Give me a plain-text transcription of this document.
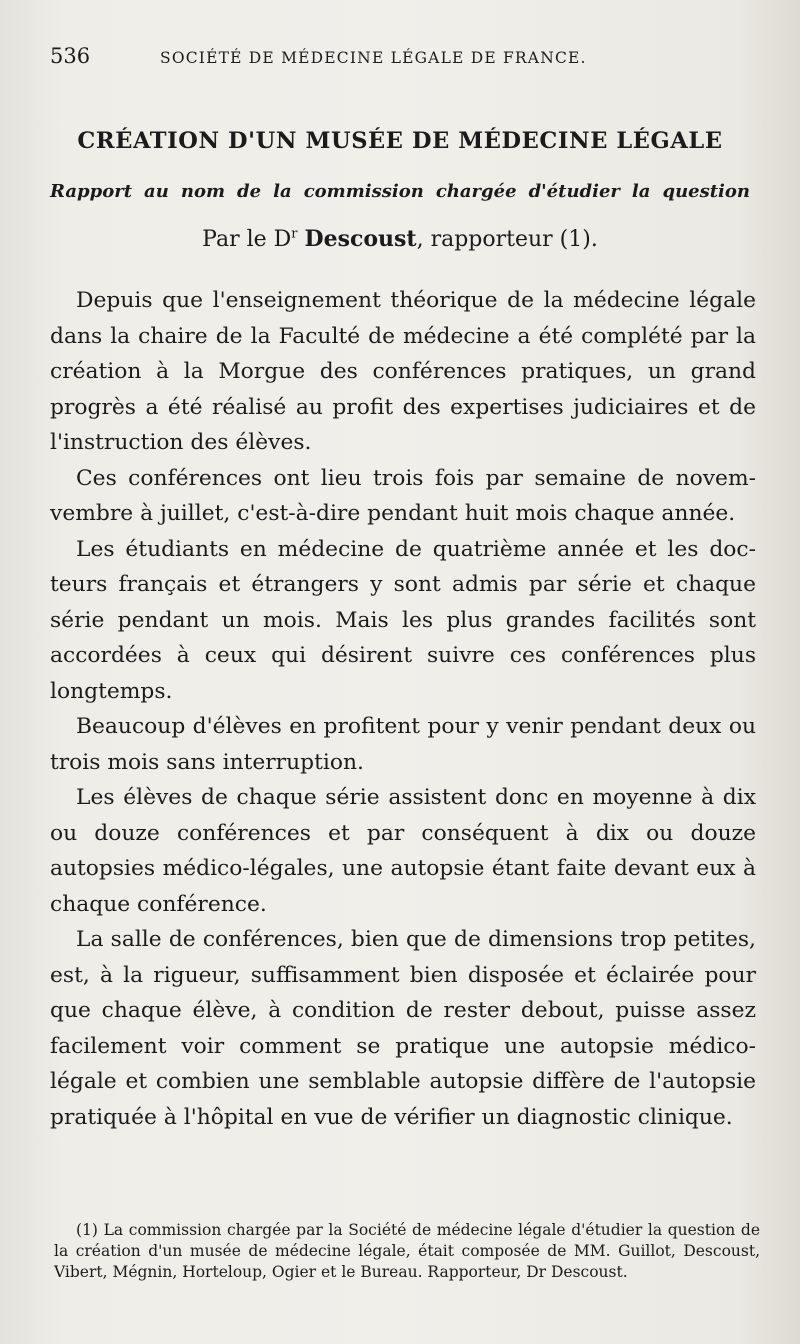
536	SOCIÉTÉ DE MÉDECINE LÉGALE DE FRANCE.
CRÉATION D'UN MUSÉE DE MÉDECINE LÉGALE
Rapport au nom de la commission chargée d'étudier la question
Par le $D^r$ Descoust, rapporteur (1).

Depuis que l'enseignement théorique de la médecine légale dans la chaire de la Faculté de médecine a été complété par la création à la Morgue des conférences pratiques, un grand progrès a été réalisé au profit des expertises judiciaires et de l'instruction des élèves.

Ces conférences ont lieu trois fois par semaine de novemvembre à juillet, c'est-à-dire pendant huit mois chaque année.

Les étudiants en médecine de quatrième année et les docteurs français et étrangers y sont admis par série et chaque série pendant un mois. Mais les plus grandes facilités sont accordées à ceux qui désirent suivre ces conférences plus longtemps.

Beaucoup d'élèves en profitent pour y venir pendant deux ou trois mois sans interruption.

Les élèves de chaque série assistent donc en moyenne à dix ou douze conférences et par conséquent à dix ou douze autopsies médico-légales, une autopsie étant faite devant eux à chaque conférence.

La salle de conférences, bien que de dimensions trop petites, est, à la rigueur, suffisamment bien disposée et éclairée pour que chaque élève, à condition de rester debout, puisse assez facilement voir comment se pratique une autopsie médico-légale et combien une semblable autopsie diffère de l'autopsie pratiquée à l'hôpital en vue de vérifier un diagnostic clinique.

(1) La commission chargée par la Société de médecine légale d'étudier la question de la création d'un musée de médecine légale, était composée de MM. Guillot, Descoust, Vibert, Mégnin, Horteloup, Ogier et le Bureau. Rapporteur, Dr Descoust.
